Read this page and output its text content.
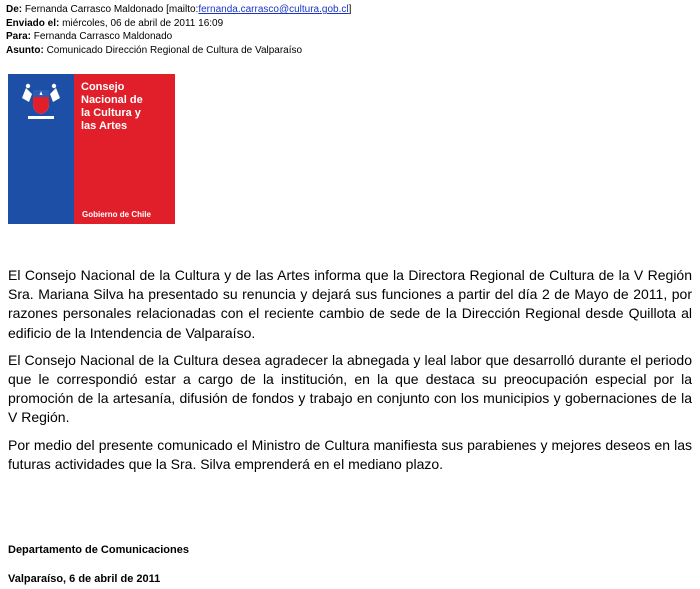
De: Fernanda Carrasco Maldonado [mailto:fernanda.carrasco@cultura.gob.cl]
Enviado el: miércoles, 06 de abril de 2011 16:09
Para: Fernanda Carrasco Maldonado
Asunto: Comunicado Dirección Regional de Cultura de Valparaíso
Consejo
Nacional de
la Cultura y
las Artes
Gobierno de Chile

El Consejo Nacional de la Cultura y de las Artes informa que la Directora Regional de Cultura de la V Región Sra. Mariana Silva ha presentado su renuncia y dejará sus funciones a partir del día 2 de Mayo de 2011, por razones personales relacionadas con el reciente cambio de sede de la Dirección Regional desde Quillota al edificio de la Intendencia de Valparaíso.

El Consejo Nacional de la Cultura desea agradecer la abnegada y leal labor que desarrolló durante el periodo que le correspondió estar a cargo de la institución, en la que destaca su preocupación especial por la promoción de la artesanía, difusión de fondos y trabajo en conjunto con los municipios y gobernaciones de la V Región.

Por medio del presente comunicado el Ministro de Cultura manifiesta sus parabienes y mejores deseos en las futuras actividades que la Sra. Silva emprenderá en el mediano plazo.

Departamento de Comunicaciones
Valparaíso, 6 de abril de 2011
